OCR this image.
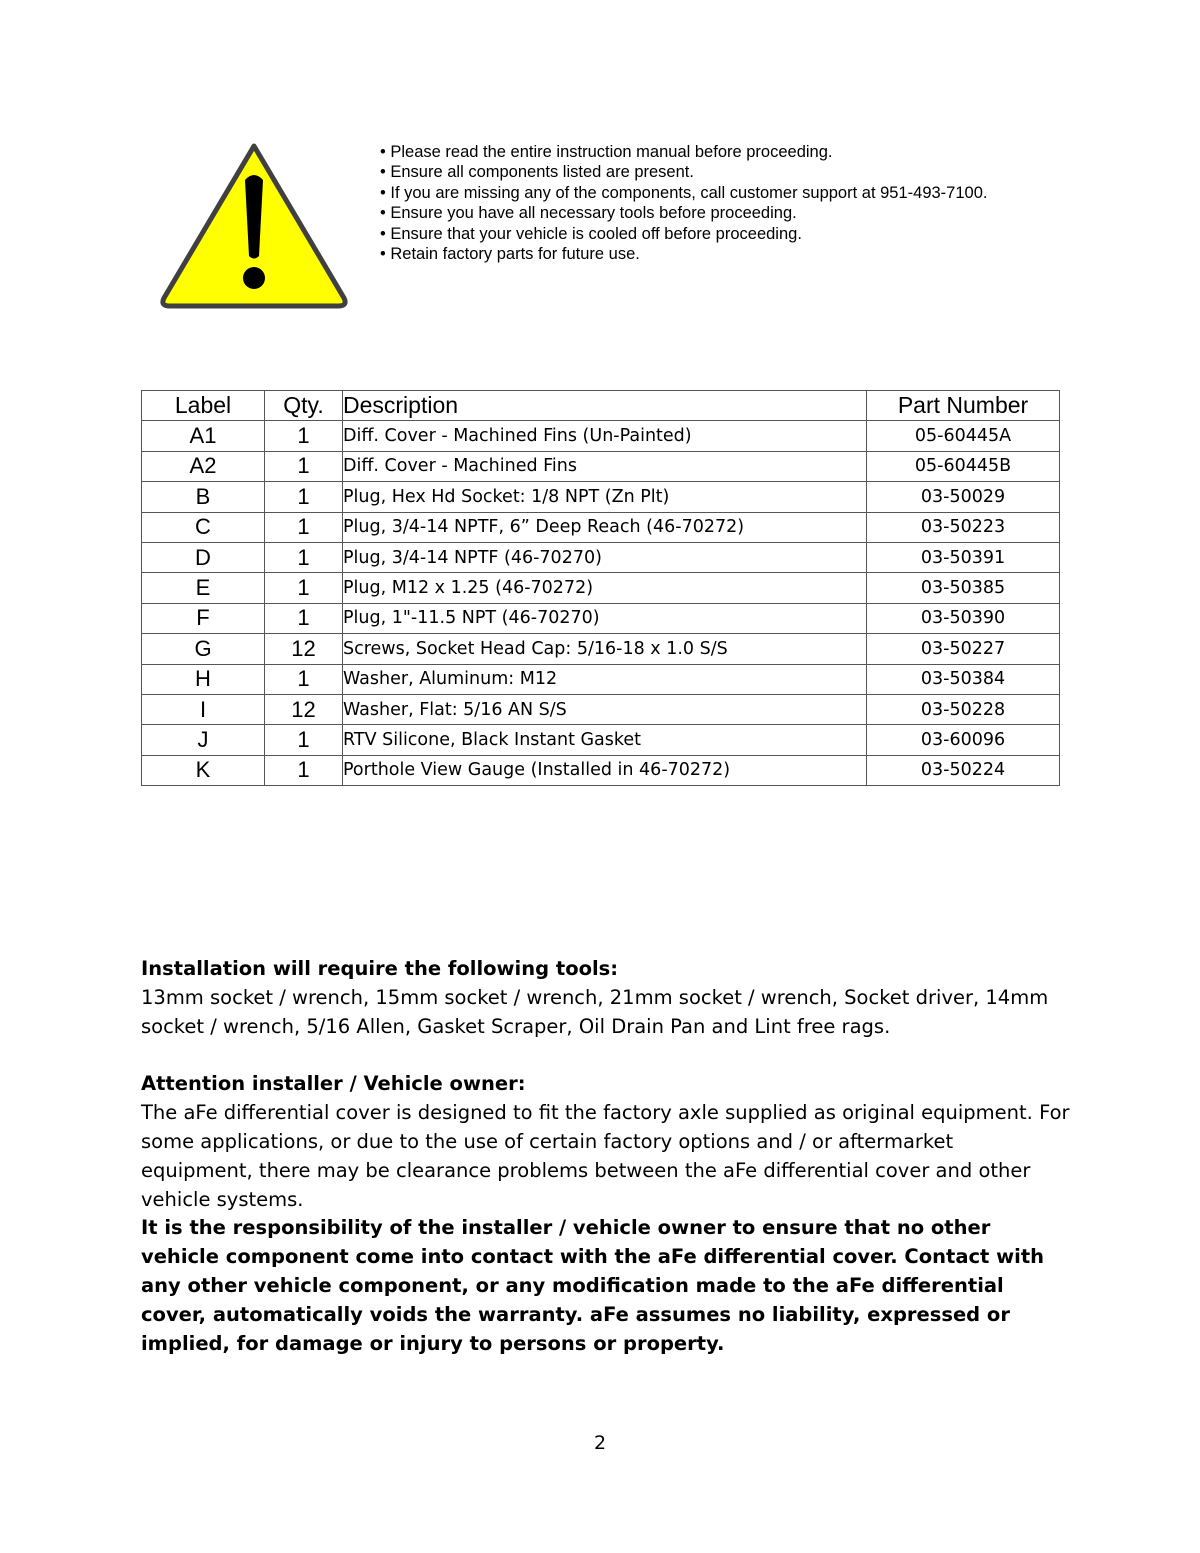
• Please read the entire instruction manual before proceeding.
• Ensure all components listed are present.
• If you are missing any of the components, call customer support at 951-493-7100.
• Ensure you have all necessary tools before proceeding.
• Ensure that your vehicle is cooled off before proceeding.
• Retain factory parts for future use.
Label	Qty.	Description	Part Number
A1	1	Diff. Cover - Machined Fins (Un-Painted)	05-60445A
A2	1	Diff. Cover - Machined Fins	05-60445B
B	1	Plug, Hex Hd Socket: 1/8 NPT (Zn Plt)	03-50029
C	1	Plug, 3/4-14 NPTF, 6” Deep Reach (46-70272)	03-50223
D	1	Plug, 3/4-14 NPTF (46-70270)	03-50391
E	1	Plug, M12 x 1.25 (46-70272)	03-50385
F	1	Plug, 1"-11.5 NPT (46-70270)	03-50390
G	12	Screws, Socket Head Cap: 5/16-18 x 1.0 S/S	03-50227
H	1	Washer, Aluminum: M12	03-50384
I	12	Washer, Flat: 5/16 AN S/S	03-50228
J	1	RTV Silicone, Black Instant Gasket	03-60096
K	1	Porthole View Gauge (Installed in 46-70272)	03-50224

Installation will require the following tools:

13mm socket / wrench, 15mm socket / wrench, 21mm socket / wrench, Socket driver, 14mm socket / wrench, 5/16 Allen, Gasket Scraper, Oil Drain Pan and Lint free rags.

Attention installer / Vehicle owner:

The aFe differential cover is designed to fit the factory axle supplied as original equipment. For some applications, or due to the use of certain factory options and / or aftermarket equipment, there may be clearance problems between the aFe differential cover and other vehicle systems.

It is the responsibility of the installer / vehicle owner to ensure that no other vehicle component come into contact with the aFe differential cover. Contact with any other vehicle component, or any modification made to the aFe differential cover, automatically voids the warranty. aFe assumes no liability, expressed or implied, for damage or injury to persons or property.

2
